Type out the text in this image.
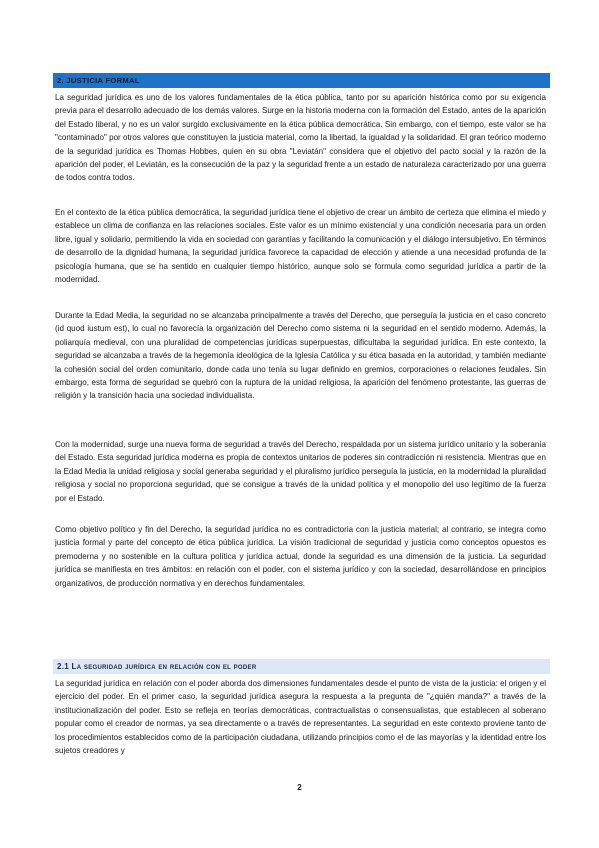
2. JUSTICIA FORMAL

La seguridad jurídica es uno de los valores fundamentales de la ética pública, tanto por su aparición histórica como por su exigencia previa para el desarrollo adecuado de los demás valores. Surge en la historia moderna con la formación del Estado, antes de la aparición del Estado liberal, y no es un valor surgido exclusivamente en la ética pública democrática. Sin embargo, con el tiempo, este valor se ha "contaminado" por otros valores que constituyen la justicia material, como la libertad, la igualdad y la solidaridad. El gran teórico moderno de la seguridad jurídica es Thomas Hobbes, quien en su obra "Leviatán" considera que el objetivo del pacto social y la razón de la aparición del poder, el Leviatán, es la consecución de la paz y la seguridad frente a un estado de naturaleza caracterizado por una guerra de todos contra todos.

En el contexto de la ética pública democrática, la seguridad jurídica tiene el objetivo de crear un ámbito de certeza que elimina el miedo y establece un clima de confianza en las relaciones sociales. Este valor es un mínimo existencial y una condición necesaria para un orden libre, igual y solidario, permitiendo la vida en sociedad con garantías y facilitando la comunicación y el diálogo intersubjetivo. En términos de desarrollo de la dignidad humana, la seguridad jurídica favorece la capacidad de elección y atiende a una necesidad profunda de la psicología humana, que se ha sentido en cualquier tiempo histórico, aunque solo se formula como seguridad jurídica a partir de la modernidad.

Durante la Edad Media, la seguridad no se alcanzaba principalmente a través del Derecho, que perseguía la justicia en el caso concreto (id quod iustum est), lo cual no favorecía la organización del Derecho como sistema ni la seguridad en el sentido moderno. Además, la poliarquía medieval, con una pluralidad de competencias jurídicas superpuestas, dificultaba la seguridad jurídica. En este contexto, la seguridad se alcanzaba a través de la hegemonía ideológica de la Iglesia Católica y su ética basada en la autoridad, y también mediante la cohesión social del orden comunitario, donde cada uno tenía su lugar definido en gremios, corporaciones o relaciones feudales. Sin embargo, esta forma de seguridad se quebró con la ruptura de la unidad religiosa, la aparición del fenómeno protestante, las guerras de religión y la transición hacia una sociedad individualista.

Con la modernidad, surge una nueva forma de seguridad a través del Derecho, respaldada por un sistema jurídico unitario y la soberanía del Estado. Esta seguridad jurídica moderna es propia de contextos unitarios de poderes sin contradicción ni resistencia. Mientras que en la Edad Media la unidad religiosa y social generaba seguridad y el pluralismo jurídico perseguía la justicia, en la modernidad la pluralidad religiosa y social no proporciona seguridad, que se consigue a través de la unidad política y el monopolio del uso legítimo de la fuerza por el Estado.

Como objetivo político y fin del Derecho, la seguridad jurídica no es contradictoria con la justicia material; al contrario, se integra como justicia formal y parte del concepto de ética pública jurídica. La visión tradicional de seguridad y justicia como conceptos opuestos es premoderna y no sostenible en la cultura política y jurídica actual, donde la seguridad es una dimensión de la justicia. La seguridad jurídica se manifiesta en tres ámbitos: en relación con el poder, con el sistema jurídico y con la sociedad, desarrollándose en principios organizativos, de producción normativa y en derechos fundamentales.

2.1 La seguridad jurídica en relación con el poder

La seguridad jurídica en relación con el poder aborda dos dimensiones fundamentales desde el punto de vista de la justicia: el origen y el ejercicio del poder. En el primer caso, la seguridad jurídica asegura la respuesta a la pregunta de "¿quién manda?" a través de la institucionalización del poder. Esto se refleja en teorías democráticas, contractualistas o consensualistas, que establecen al soberano popular como el creador de normas, ya sea directamente o a través de representantes. La seguridad en este contexto proviene tanto de los procedimientos establecidos como de la participación ciudadana, utilizando principios como el de las mayorías y la identidad entre los sujetos creadores y

2
